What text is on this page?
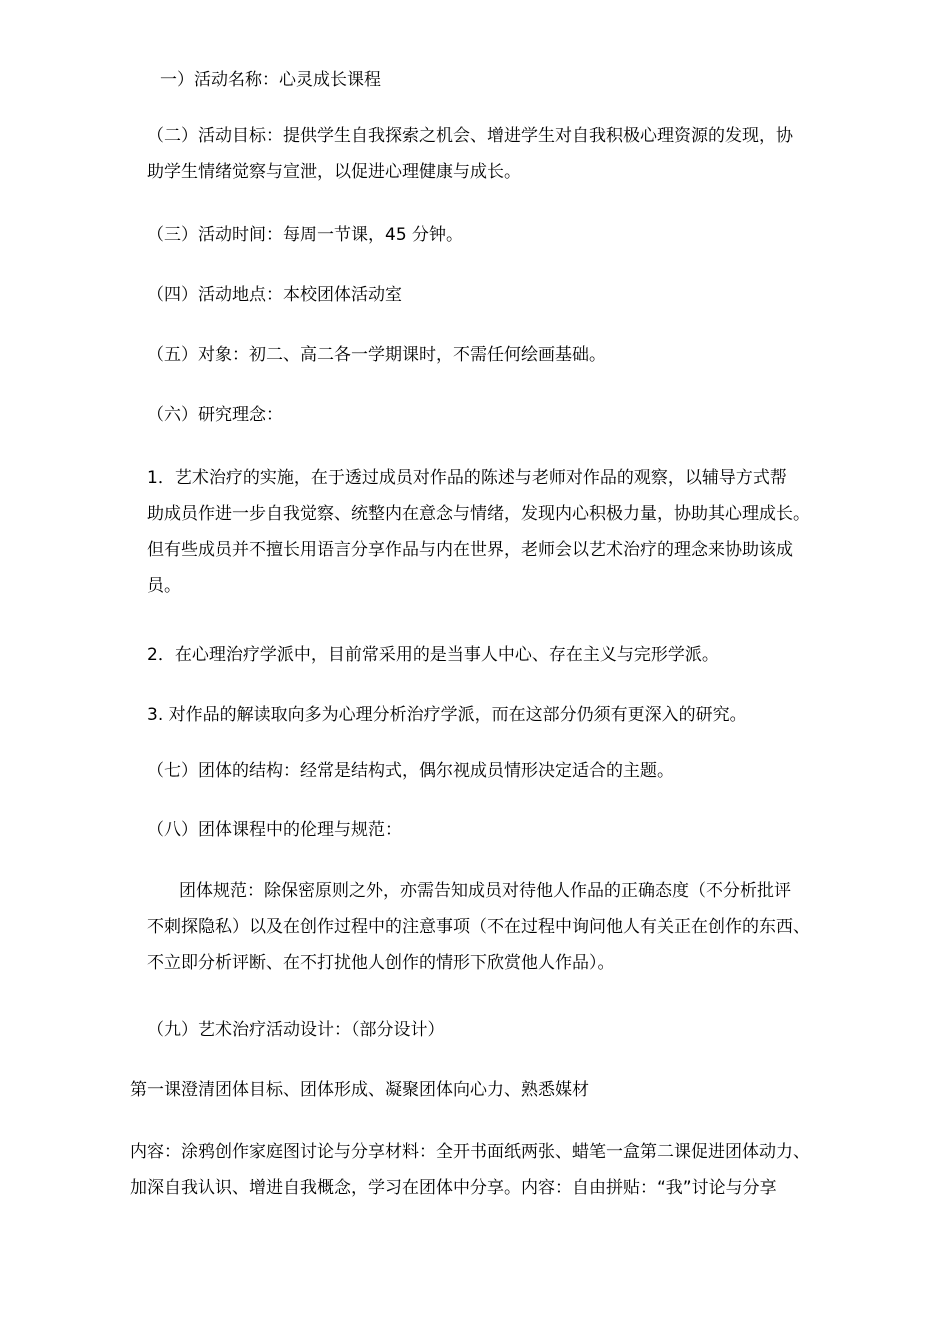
一）活动名称：心灵成长课程

（二）活动目标：提供学生自我探索之机会、增进学生对自我积极心理资源的发现，协
助学生情绪觉察与宣泄，以促进心理健康与成长。

（三）活动时间：每周一节课，45 分钟。

（四）活动地点：本校团体活动室

（五）对象：初二、高二各一学期课时，不需任何绘画基础。

（六）研究理念：

1．艺术治疗的实施，在于透过成员对作品的陈述与老师对作品的观察，以辅导方式帮
助成员作进一步自我觉察、统整内在意念与情绪，发现内心积极力量，协助其心理成长。
但有些成员并不擅长用语言分享作品与内在世界，老师会以艺术治疗的理念来协助该成
员。

2．在心理治疗学派中，目前常采用的是当事人中心、存在主义与完形学派。

3. 对作品的解读取向多为心理分析治疗学派，而在这部分仍须有更深入的研究。

（七）团体的结构：经常是结构式，偶尔视成员情形决定适合的主题。

（八）团体课程中的伦理与规范：

团体规范：除保密原则之外，亦需告知成员对待他人作品的正确态度（不分析批评
不刺探隐私）以及在创作过程中的注意事项（不在过程中询问他人有关正在创作的东西、
不立即分析评断、在不打扰他人创作的情形下欣赏他人作品）。

（九）艺术治疗活动设计：（部分设计）

第一课澄清团体目标、团体形成、凝聚团体向心力、熟悉媒材

内容：涂鸦创作家庭图讨论与分享材料：全开书面纸两张、蜡笔一盒第二课促进团体动力、
加深自我认识、增进自我概念，学习在团体中分享。内容：自由拼贴：“我”讨论与分享
